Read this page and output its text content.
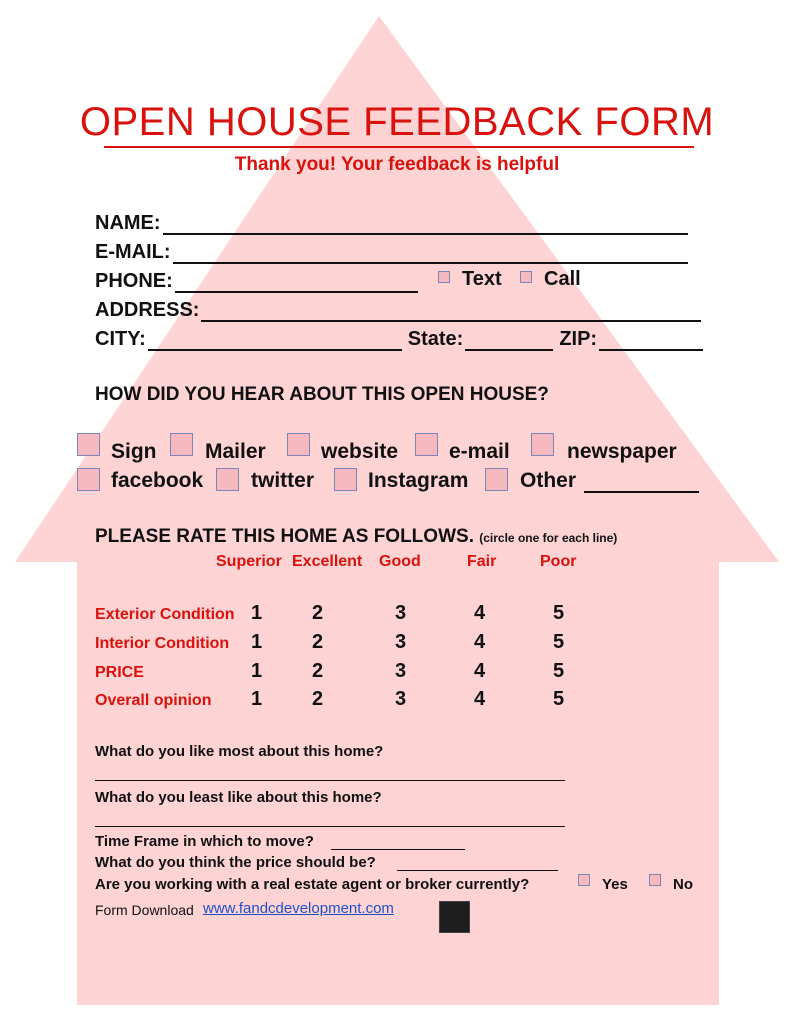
OPEN HOUSE FEEDBACK FORM
Thank you! Your feedback is helpful
NAME:
E-MAIL:
PHONE:	Text Call
ADDRESS:
CITY:	State:	ZIP:
HOW DID YOU HEAR ABOUT THIS OPEN HOUSE?
Sign Mailer	website e-mail	newspaper
facebook twitter	Instagram Other
PLEASE RATE THIS HOME AS FOLLOWS. (circle one for each line)
Superior Excellent Good	Fair	Poor
Exterior Condition 1 2	3	4	5
Interior Condition 1 2	3	4	5
PRICE	1 2	3	4	5
Overall opinion 1 2	3	4	5
What do you like most about this home?
What do you least like about this home?
Time Frame in which to move?
What do you think the price should be?
Are you working with a real estate agent or broker currently?	Yes	No
Form Download www.fandcdevelopment.com
